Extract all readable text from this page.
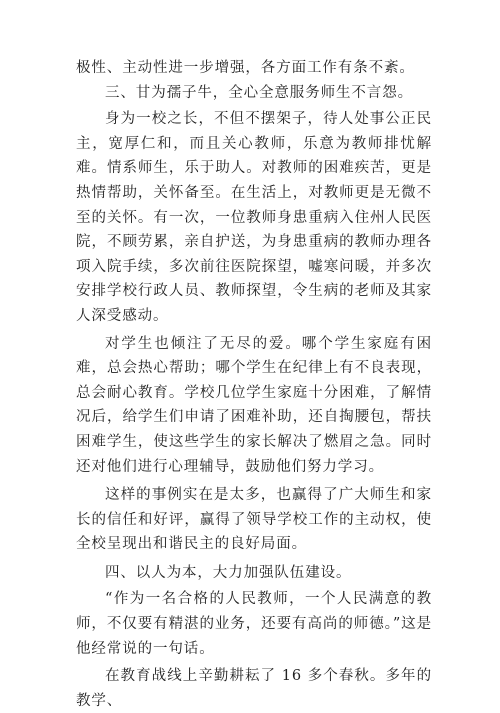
极性、主动性进一步增强，各方面工作有条不紊。

三、甘为孺子牛，全心全意服务师生不言怨。

身为一校之长，不但不摆架子，待人处事公正民主，宽厚仁和，而且关心教师，乐意为教师排忧解难。情系师生，乐于助人。对教师的困难疾苦，更是热情帮助，关怀备至。在生活上，对教师更是无微不至的关怀。有一次，一位教师身患重病入住州人民医院，不顾劳累，亲自护送，为身患重病的教师办理各项入院手续，多次前往医院探望，嘘寒问暖，并多次安排学校行政人员、教师探望，令生病的老师及其家人深受感动。

对学生也倾注了无尽的爱。哪个学生家庭有困难，总会热心帮助；哪个学生在纪律上有不良表现，总会耐心教育。学校几位学生家庭十分困难，了解情况后，给学生们申请了困难补助，还自掏腰包，帮扶困难学生，使这些学生的家长解决了燃眉之急。同时还对他们进行心理辅导，鼓励他们努力学习。

这样的事例实在是太多，也赢得了广大师生和家长的信任和好评，赢得了领导学校工作的主动权，使全校呈现出和谐民主的良好局面。

四、以人为本，大力加强队伍建设。

“作为一名合格的人民教师，一个人民满意的教师，不仅要有精湛的业务，还要有高尚的师德。”这是他经常说的一句话。

在教育战线上辛勤耕耘了 16 多个春秋。多年的教学、
